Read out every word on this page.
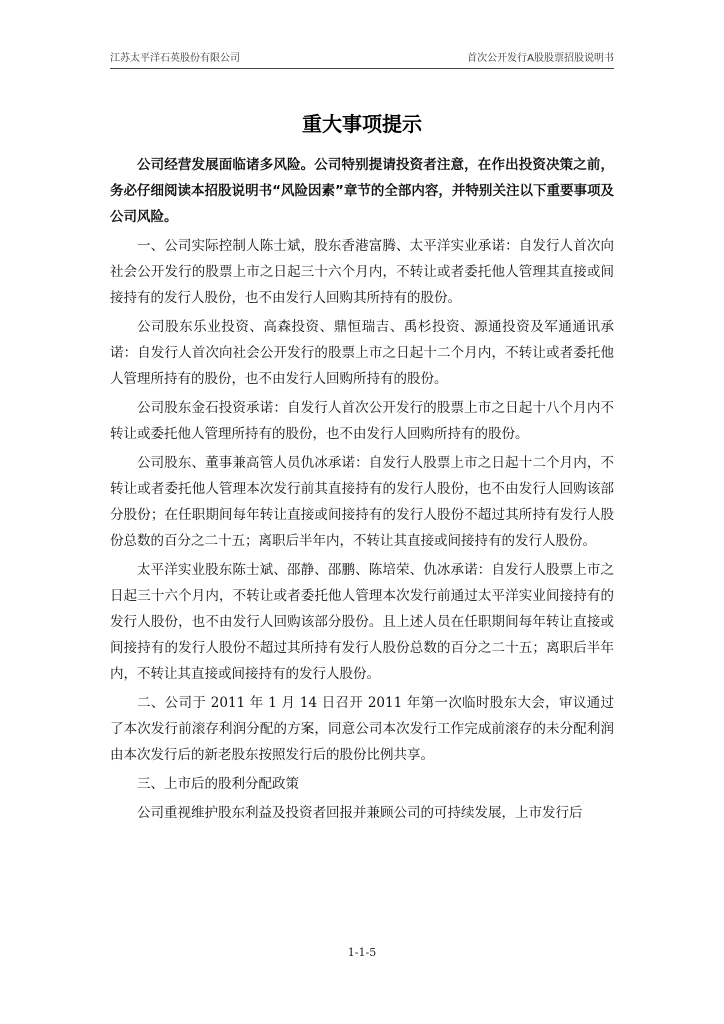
江苏太平洋石英股份有限公司	首次公开发行A股股票招股说明书
重大事项提示

公司经营发展面临诸多风险。公司特别提请投资者注意，在作出投资决策之前，务必仔细阅读本招股说明书“风险因素”章节的全部内容，并特别关注以下重要事项及公司风险。

一、公司实际控制人陈士斌，股东香港富腾、太平洋实业承诺：自发行人首次向社会公开发行的股票上市之日起三十六个月内，不转让或者委托他人管理其直接或间接持有的发行人股份，也不由发行人回购其所持有的股份。

公司股东乐业投资、高森投资、鼎恒瑞吉、禹杉投资、源通投资及军通通讯承诺：自发行人首次向社会公开发行的股票上市之日起十二个月内，不转让或者委托他人管理所持有的股份，也不由发行人回购所持有的股份。

公司股东金石投资承诺：自发行人首次公开发行的股票上市之日起十八个月内不转让或委托他人管理所持有的股份，也不由发行人回购所持有的股份。

公司股东、董事兼高管人员仇冰承诺：自发行人股票上市之日起十二个月内，不转让或者委托他人管理本次发行前其直接持有的发行人股份，也不由发行人回购该部分股份；在任职期间每年转让直接或间接持有的发行人股份不超过其所持有发行人股份总数的百分之二十五；离职后半年内，不转让其直接或间接持有的发行人股份。

太平洋实业股东陈士斌、邵静、邵鹏、陈培荣、仇冰承诺：自发行人股票上市之日起三十六个月内，不转让或者委托他人管理本次发行前通过太平洋实业间接持有的发行人股份，也不由发行人回购该部分股份。且上述人员在任职期间每年转让直接或间接持有的发行人股份不超过其所持有发行人股份总数的百分之二十五；离职后半年内，不转让其直接或间接持有的发行人股份。

二、公司于 2011 年 1 月 14 日召开 2011 年第一次临时股东大会，审议通过了本次发行前滚存利润分配的方案，同意公司本次发行工作完成前滚存的未分配利润由本次发行后的新老股东按照发行后的股份比例共享。

三、上市后的股利分配政策

公司重视维护股东利益及投资者回报并兼顾公司的可持续发展，上市发行后

1-1-5
